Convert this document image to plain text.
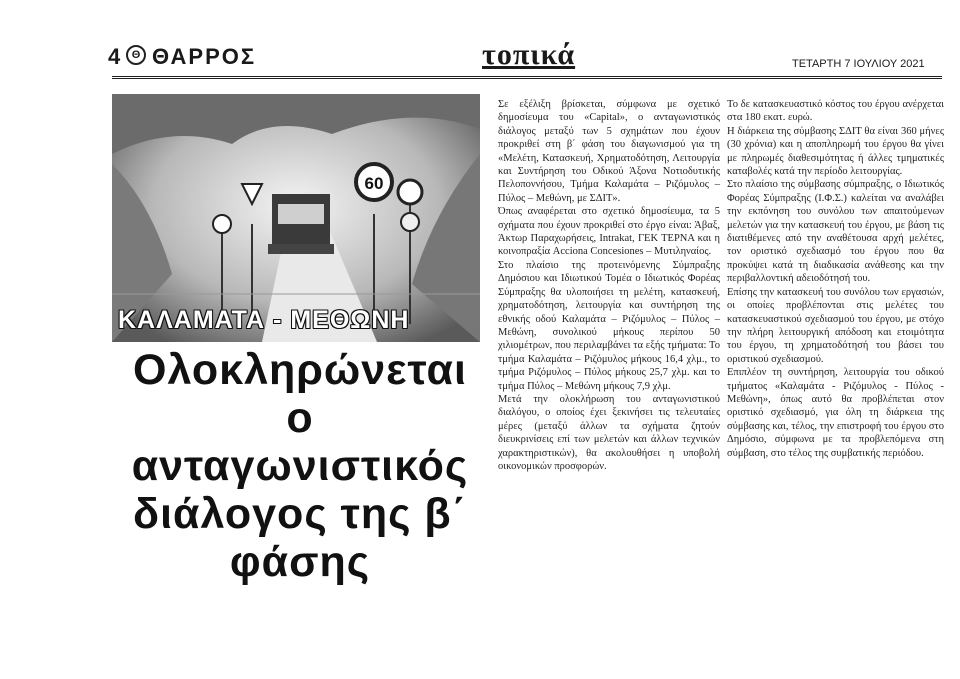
4	Θ ΘΑΡΡΟΣ	τοπικά	ΤΕΤΑΡΤΗ 7 ΙΟΥΛΙΟΥ 2021
60
ΚΑΛΑΜΑΤΑ - ΜΕΘΩΝΗ
Ολοκληρώνεται
ο ανταγωνιστικός
διάλογος της β΄ φάσης

Σε εξέλιξη βρίσκεται, σύμφωνα με σχετικό δημοσίευμα του «Capital», ο ανταγωνιστικός διάλογος μεταξύ των 5 σχημάτων που έχουν προκριθεί στη β΄ φάση του διαγωνισμού για τη «Μελέτη, Κατασκευή, Χρηματοδότηση, Λειτουργία και Συντήρηση του Οδικού Άξονα Νοτιοδυτικής Πελοποννήσου, Τμήμα Καλαμάτα – Ριζόμυλος – Πύλος – Μεθώνη, με ΣΔΙΤ».

Όπως αναφέρεται στο σχετικό δημοσίευμα, τα 5 σχήματα που έχουν προκριθεί στο έργο είναι: Άβαξ, Άκτωρ Παραχωρήσεις, Intrakat, ΓΕΚ ΤΕΡΝΑ και η κοινοπραξία Acciona Concesiones – Μυτιληναίος.

Στο πλαίσιο της προτεινόμενης Σύμπραξης Δημόσιου και Ιδιωτικού Τομέα ο Ιδιωτικός Φορέας Σύμπραξης θα υλοποιήσει τη μελέτη, κατασκευή, χρηματοδότηση, λειτουργία και συντήρηση της εθνικής οδού Καλαμάτα – Ριζόμυλος – Πύλος – Μεθώνη, συνολικού μήκους περίπου 50 χιλιομέτρων, που περιλαμβάνει τα εξής τμήματα: Το τμήμα Καλαμάτα – Ριζόμυλος μήκους 16,4 χλμ., το τμήμα Ριζόμυλος – Πύλος μήκους 25,7 χλμ. και το τμήμα Πύλος – Μεθώνη μήκους 7,9 χλμ.

Μετά την ολοκλήρωση του ανταγωνιστικού διαλόγου, ο οποίος έχει ξεκινήσει τις τελευταίες μέρες (μεταξύ άλλων τα σχήματα ζητούν διευκρινίσεις επί των μελετών και άλλων τεχνικών χαρακτηριστικών), θα ακολουθήσει η υποβολή οικονομικών προσφορών.

Το δε κατασκευαστικό κόστος του έργου ανέρχεται στα 180 εκατ. ευρώ.

Η διάρκεια της σύμβασης ΣΔΙΤ θα είναι 360 μήνες (30 χρόνια) και η αποπληρωμή του έργου θα γίνει με πληρωμές διαθεσιμότητας ή άλλες τμηματικές καταβολές κατά την περίοδο λειτουργίας.

Στο πλαίσιο της σύμβασης σύμπραξης, ο Ιδιωτικός Φορέας Σύμπραξης (Ι.Φ.Σ.) καλείται να αναλάβει την εκπόνηση του συνόλου των απαιτούμενων μελετών για την κατασκευή του έργου, με βάση τις διατιθέμενες από την αναθέτουσα αρχή μελέτες, τον οριστικό σχεδιασμό του έργου που θα προκύψει κατά τη διαδικασία ανάθεσης και την περιβαλλοντική αδειοδότησή του.

Επίσης την κατασκευή του συνόλου των εργασιών, οι οποίες προβλέπονται στις μελέτες του κατασκευαστικού σχεδιασμού του έργου, με στόχο την πλήρη λειτουργική απόδοση και ετοιμότητα του έργου, τη χρηματοδότησή του βάσει του οριστικού σχεδιασμού.

Επιπλέον τη συντήρηση, λειτουργία του οδικού τμήματος «Καλαμάτα - Ριζόμυλος - Πύλος - Μεθώνη», όπως αυτό θα προβλέπεται στον οριστικό σχεδιασμό, για όλη τη διάρκεια της σύμβασης και, τέλος, την επιστροφή του έργου στο Δημόσιο, σύμφωνα με τα προβλεπόμενα στη σύμβαση, στο τέλος της συμβατικής περιόδου.
